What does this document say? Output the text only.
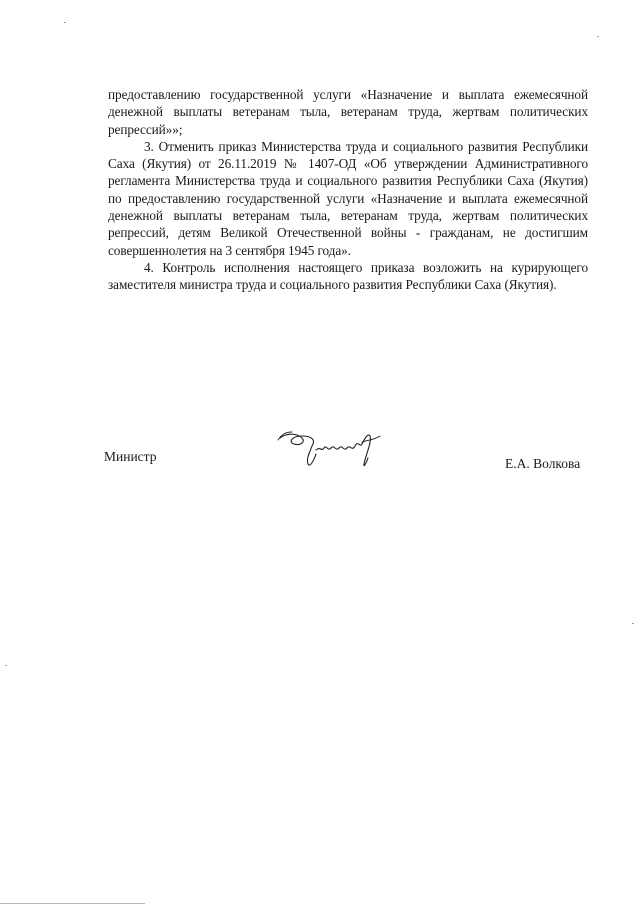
предоставлению государственной услуги «Назначение и выплата ежемесячной денежной выплаты ветеранам тыла, ветеранам труда, жертвам политических репрессий»»;

3. Отменить приказ Министерства труда и социального развития Республики Саха (Якутия) от 26.11.2019 № 1407-ОД «Об утверждении Административного регламента Министерства труда и социального развития Республики Саха (Якутия) по предоставлению государственной услуги «Назначение и выплата ежемесячной денежной выплаты ветеранам тыла, ветеранам труда, жертвам политических репрессий, детям Великой Отечественной войны - гражданам, не достигшим совершеннолетия на 3 сентября 1945 года».

4. Контроль исполнения настоящего приказа возложить на курирующего заместителя министра труда и социального развития Республики Саха (Якутия).

Министр	Е.А. Волкова
